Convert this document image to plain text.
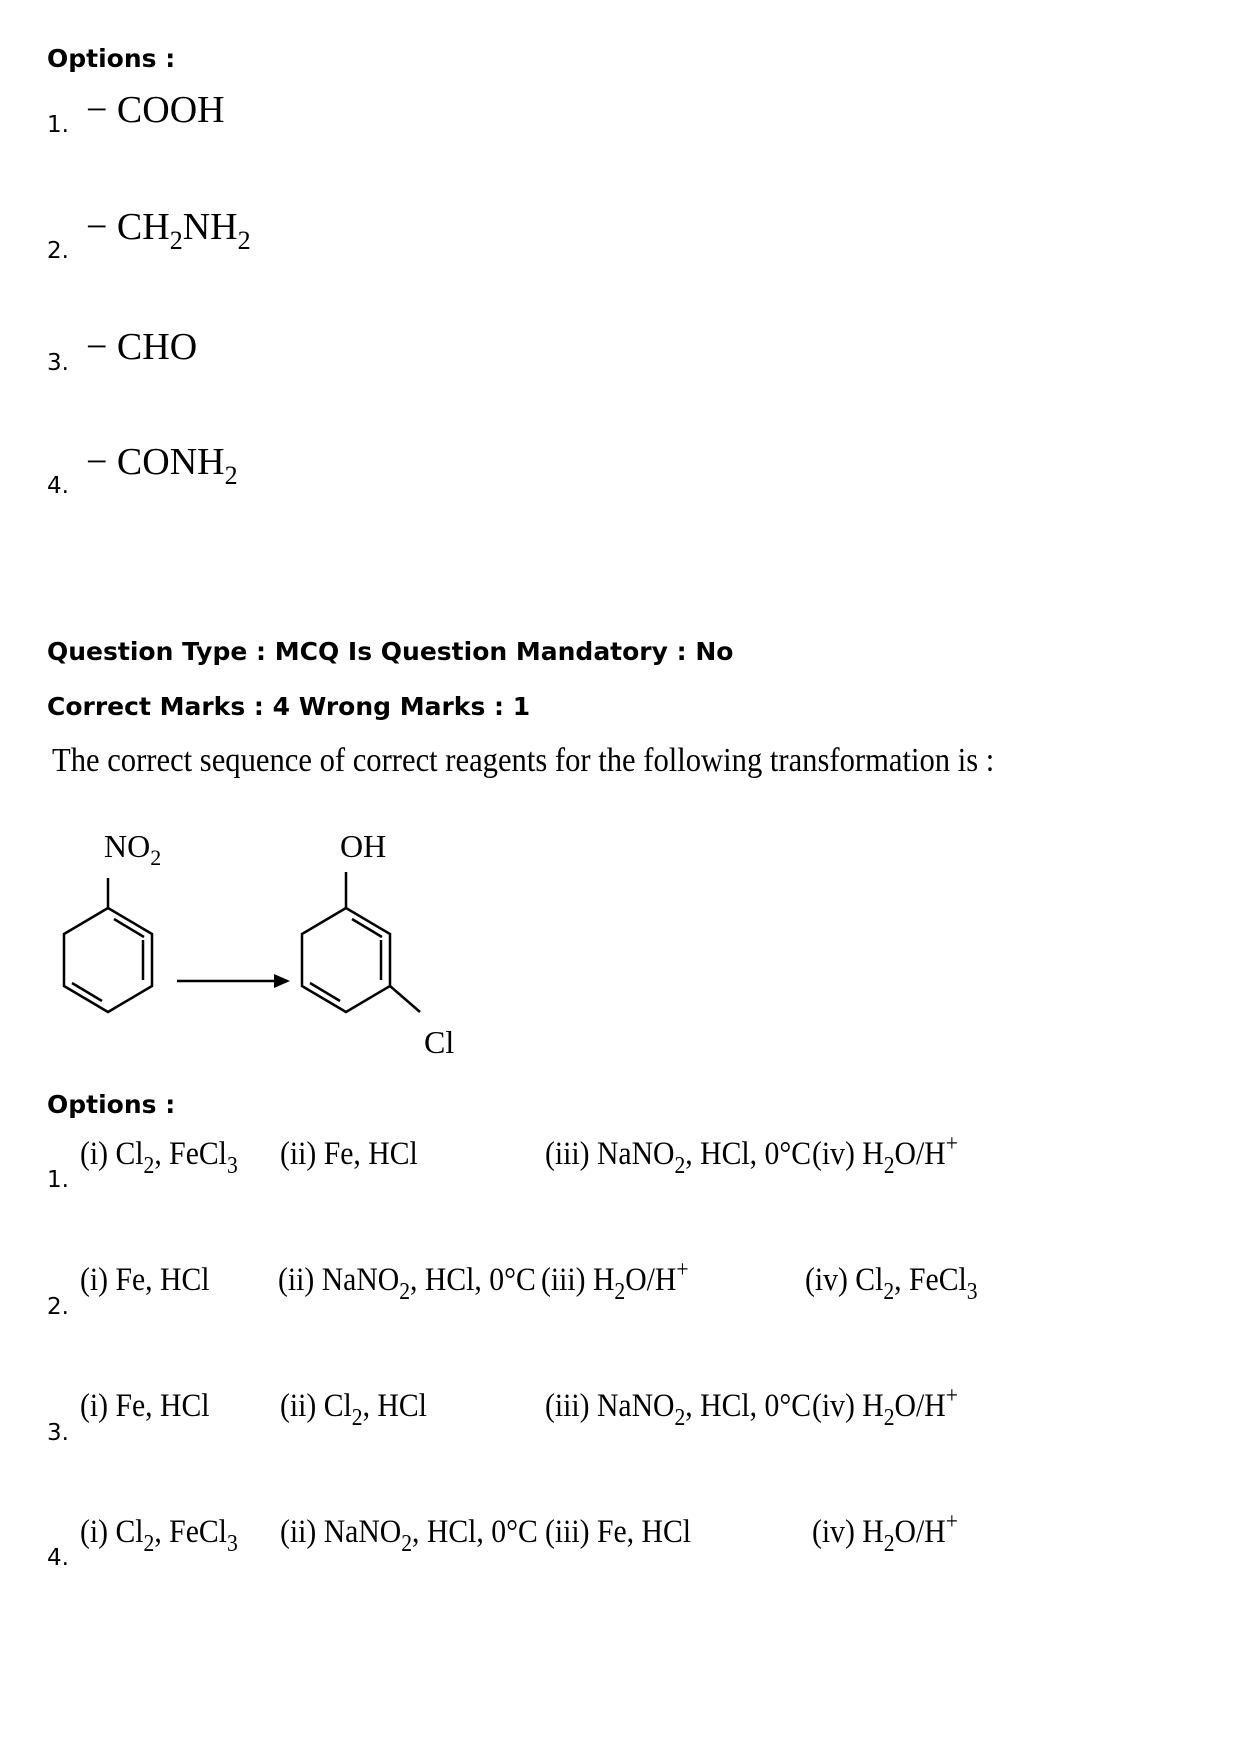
Options :
1. − COOH
2.
− $CH_2NH_2$
3. − CHO
4.
− $CONH_2$
Question Type : MCQ Is Question Mandatory : No
Correct Marks : 4 Wrong Marks : 1
The correct sequence of correct reagents for the following transformation is :
$NO_2$	OH
Cl
Options :
1.
(i) $Cl_2$, FeCl$_3$ (ii) Fe, HCl	(iii) NaNO$_2$, HCl, 0°C (iv) $H_2O/H^+$
2.
(i) Fe, HCl (ii) NaNO$_2$, HCl, 0°C (iii) $H_2O/H^+$	(iv) $Cl_2$, FeCl$_3$
3.
(i) Fe, HCl (ii) $Cl_2$, HCl	(iii) NaNO$_2$, HCl, 0°C (iv) $H_2O/H^+$
4.
(i) $Cl_2$, FeCl$_3$ (ii) NaNO$_2$, HCl, 0°C (iii) Fe, HCl	(iv) $H_2O/H^+$
